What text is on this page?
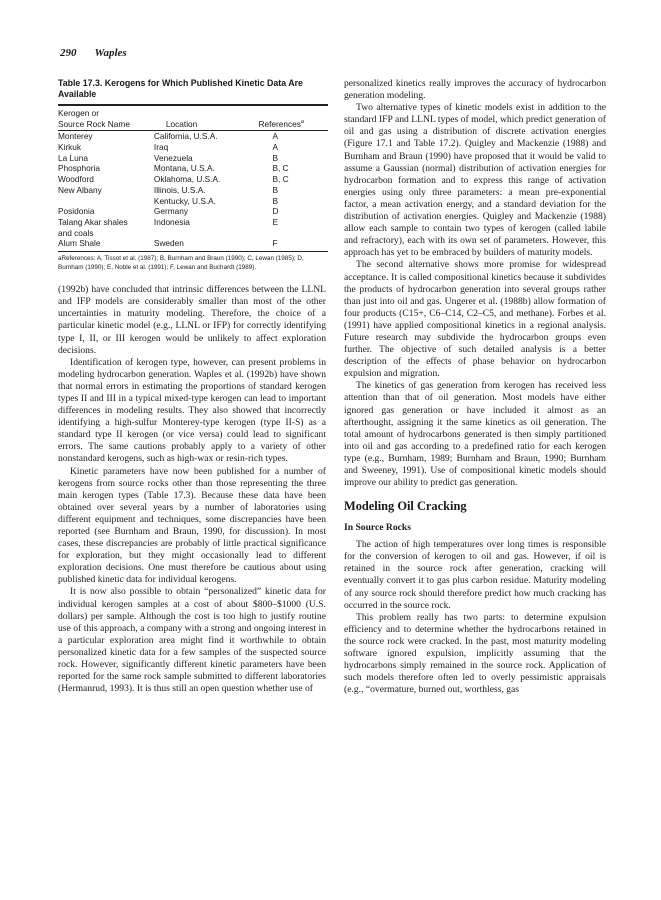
290 Waples
Table 17.3. Kerogens for Which Published Kinetic Data Are Available
Kerogen or		
Source Rock Name	Location	References$^a$
Monterey	California, U.S.A.	A
Kirkuk	Iraq	A
La Luna	Venezuela	B
Phosphoria	Montana, U.S.A.	B, C
Woodford	Oklahoma, U.S.A.	B, C
New Albany	Illinois, U.S.A.	B
	Kentucky, U.S.A.	B
Posidonia	Germany	D
Talang Akar shales	Indonesia	E
and coals		
Alum Shale	Sweden	F
aReferences: A, Tissot et al. (1987); B, Burnham and Braun (1990); C, Lewan (1985); D, Burnham (1990); E, Noble et al. (1991); F, Lewan and Buchardt (1989).

(1992b) have concluded that intrinsic differences between the LLNL and IFP models are considerably smaller than most of the other uncertainties in maturity modeling. Therefore, the choice of a particular kinetic model (e.g., LLNL or IFP) for correctly identifying type I, II, or III kerogen would be unlikely to affect exploration decisions.

Identification of kerogen type, however, can present problems in modeling hydrocarbon generation. Waples et al. (1992b) have shown that normal errors in estimating the proportions of standard kerogen types II and III in a typical mixed-type kerogen can lead to important differences in modeling results. They also showed that incorrectly identifying a high-sulfur Monterey-type kerogen (type II-S) as a standard type II kerogen (or vice versa) could lead to significant errors. The same cautions probably apply to a variety of other nonstandard kerogens, such as high-wax or resin-rich types.

Kinetic parameters have now been published for a number of kerogens from source rocks other than those representing the three main kerogen types (Table 17.3). Because these data have been obtained over several years by a number of laboratories using different equipment and techniques, some discrepancies have been reported (see Burnham and Braun, 1990, for discussion). In most cases, these discrepancies are probably of little practical significance for exploration, but they might occasionally lead to different exploration decisions. One must therefore be cautious about using published kinetic data for individual kerogens.

It is now also possible to obtain “personalized” kinetic data for individual kerogen samples at a cost of about $800–$1000 (U.S. dollars) per sample. Although the cost is too high to justify routine use of this approach, a company with a strong and ongoing interest in a particular exploration area might find it worthwhile to obtain personalized kinetic data for a few samples of the suspected source rock. However, significantly different kinetic parameters have been reported for the same rock sample submitted to different laboratories (Hermanrud, 1993). It is thus still an open question whether use of

personalized kinetics really improves the accuracy of hydrocarbon generation modeling.

Two alternative types of kinetic models exist in addition to the standard IFP and LLNL types of model, which predict generation of oil and gas using a distribution of discrete activation energies (Figure 17.1 and Table 17.2). Quigley and Mackenzie (1988) and Burnham and Braun (1990) have proposed that it would be valid to assume a Gaussian (normal) distribution of activation energies for hydrocarbon formation and to express this range of activation energies using only three parameters: a mean pre-exponential factor, a mean activation energy, and a standard deviation for the distribution of activation energies. Quigley and Mackenzie (1988) allow each sample to contain two types of kerogen (called labile and refractory), each with its own set of parameters. However, this approach has yet to be embraced by builders of maturity models.

The second alternative shows more promise for widespread acceptance. It is called compositional kinetics because it subdivides the products of hydrocarbon generation into several groups rather than just into oil and gas. Ungerer et al. (1988b) allow formation of four products (C15+, C6–C14, C2–C5, and methane). Forbes et al. (1991) have applied compositional kinetics in a regional analysis. Future research may subdivide the hydrocarbon groups even further. The objective of such detailed analysis is a better description of the effects of phase behavior on hydrocarbon expulsion and migration.

The kinetics of gas generation from kerogen has received less attention than that of oil generation. Most models have either ignored gas generation or have included it almost as an afterthought, assigning it the same kinetics as oil generation. The total amount of hydrocarbons generated is then simply partitioned into oil and gas according to a predefined ratio for each kerogen type (e.g., Burnham, 1989; Burnham and Braun, 1990; Burnham and Sweeney, 1991). Use of compositional kinetic models should improve our ability to predict gas generation.

Modeling Oil Cracking
In Source Rocks

The action of high temperatures over long times is responsible for the conversion of kerogen to oil and gas. However, if oil is retained in the source rock after generation, cracking will eventually convert it to gas plus carbon residue. Maturity modeling of any source rock should therefore predict how much cracking has occurred in the source rock.

This problem really has two parts: to determine expulsion efficiency and to determine whether the hydrocarbons retained in the source rock were cracked. In the past, most maturity modeling software ignored expulsion, implicitly assuming that the hydrocarbons simply remained in the source rock. Application of such models therefore often led to overly pessimistic appraisals (e.g., “overmature, burned out, worthless, gas
